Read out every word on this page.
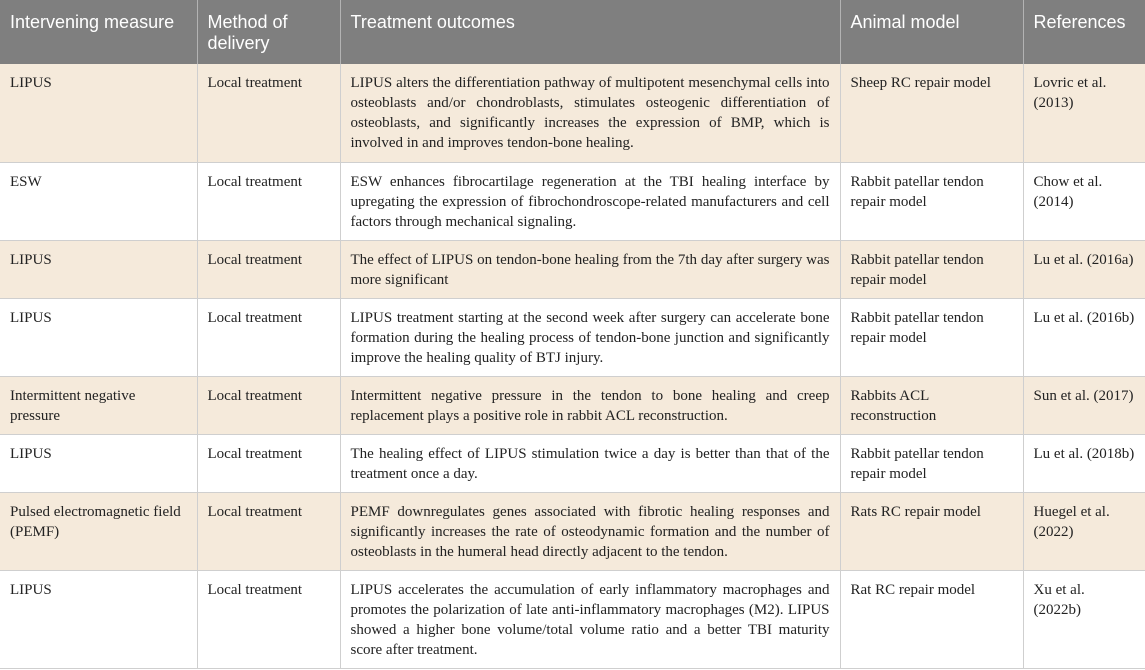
Intervening measure	Method of delivery	Treatment outcomes	Animal model	References
LIPUS	Local treatment	LIPUS alters the differentiation pathway of multipotent mesenchymal cells into osteoblasts and/or chondroblasts, stimulates osteogenic differentiation of osteoblasts, and significantly increases the expression of BMP, which is involved in and improves tendon-bone healing.	Sheep RC repair model	Lovric et al. (2013)
ESW	Local treatment	ESW enhances fibrocartilage regeneration at the TBI healing interface by upregating the expression of fibrochondroscope-related manufacturers and cell factors through mechanical signaling.	Rabbit patellar tendon repair model	Chow et al. (2014)
LIPUS	Local treatment	The effect of LIPUS on tendon-bone healing from the 7th day after surgery was more significant	Rabbit patellar tendon repair model	Lu et al. (2016a)
LIPUS	Local treatment	LIPUS treatment starting at the second week after surgery can accelerate bone formation during the healing process of tendon-bone junction and significantly improve the healing quality of BTJ injury.	Rabbit patellar tendon repair model	Lu et al. (2016b)
Intermittent negative pressure	Local treatment	Intermittent negative pressure in the tendon to bone healing and creep replacement plays a positive role in rabbit ACL reconstruction.	Rabbits ACL reconstruction	Sun et al. (2017)
LIPUS	Local treatment	The healing effect of LIPUS stimulation twice a day is better than that of the treatment once a day.	Rabbit patellar tendon repair model	Lu et al. (2018b)
Pulsed electromagnetic field (PEMF)	Local treatment	PEMF downregulates genes associated with fibrotic healing responses and significantly increases the rate of osteodynamic formation and the number of osteoblasts in the humeral head directly adjacent to the tendon.	Rats RC repair model	Huegel et al. (2022)
LIPUS	Local treatment	LIPUS accelerates the accumulation of early inflammatory macrophages and promotes the polarization of late anti-inflammatory macrophages (M2). LIPUS showed a higher bone volume/total volume ratio and a better TBI maturity score after treatment.	Rat RC repair model	Xu et al. (2022b)
